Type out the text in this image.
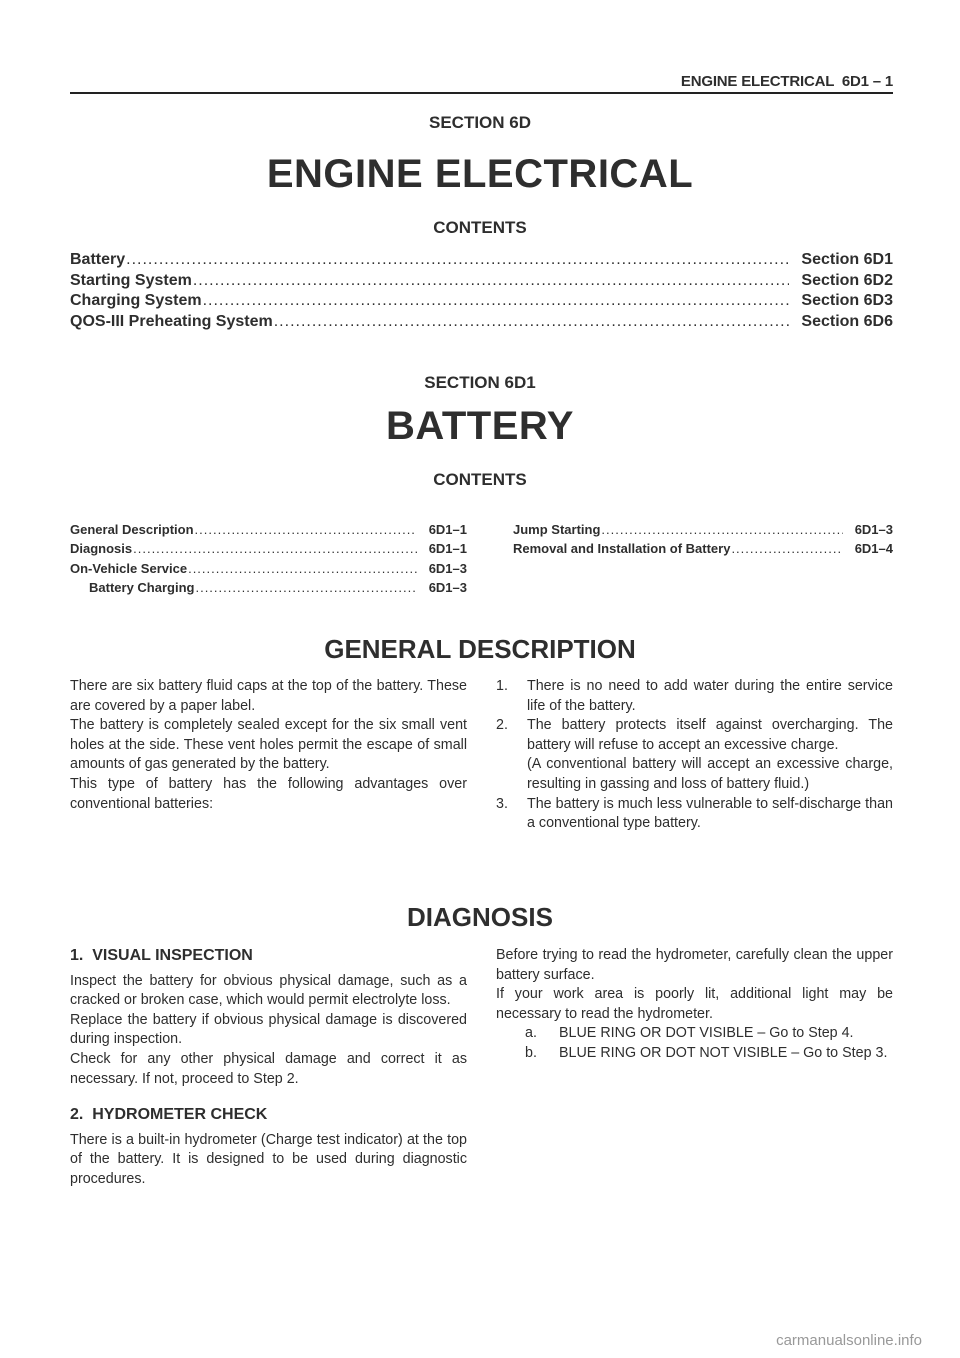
ENGINE ELECTRICAL  6D1 – 1
SECTION 6D
ENGINE ELECTRICAL
CONTENTS
Battery .....	Section 6D1
Starting System .....	Section 6D2
Charging System .....	Section 6D3
QOS-III Preheating System .....	Section 6D6
SECTION 6D1
BATTERY
CONTENTS
General Description .....	6D1–1
Diagnosis .....	6D1–1
On-Vehicle Service .....	6D1–3
Battery Charging .....	6D1–3
Jump Starting .....	6D1–3
Removal and Installation of Battery .....	6D1–4
GENERAL DESCRIPTION

There are six battery fluid caps at the top of the battery. These are covered by a paper label.

The battery is completely sealed except for the six small vent holes at the side. These vent holes permit the escape of small amounts of gas generated by the battery.

This type of battery has the following advantages over conventional batteries:

1.	There is no need to add water during the entire service life of the battery.
2.	The battery protects itself against overcharging. The battery will refuse to accept an excessive charge.
(A conventional battery will accept an excessive charge, resulting in gassing and loss of battery fluid.)
3.	The battery is much less vulnerable to self-discharge than a conventional type battery.
DIAGNOSIS
1.  VISUAL INSPECTION

Inspect the battery for obvious physical damage, such as a cracked or broken case, which would permit electrolyte loss.

Replace the battery if obvious physical damage is discovered during inspection.

Check for any other physical damage and correct it as necessary. If not, proceed to Step 2.

2.  HYDROMETER CHECK

There is a built-in hydrometer (Charge test indicator) at the top of the battery. It is designed to be used during diagnostic procedures.

Before trying to read the hydrometer, carefully clean the upper battery surface.

If your work area is poorly lit, additional light may be necessary to read the hydrometer.

a.	BLUE RING OR DOT VISIBLE – Go to Step 4.
b.	BLUE RING OR DOT NOT VISIBLE – Go to Step 3.
carmanualsonline.info
